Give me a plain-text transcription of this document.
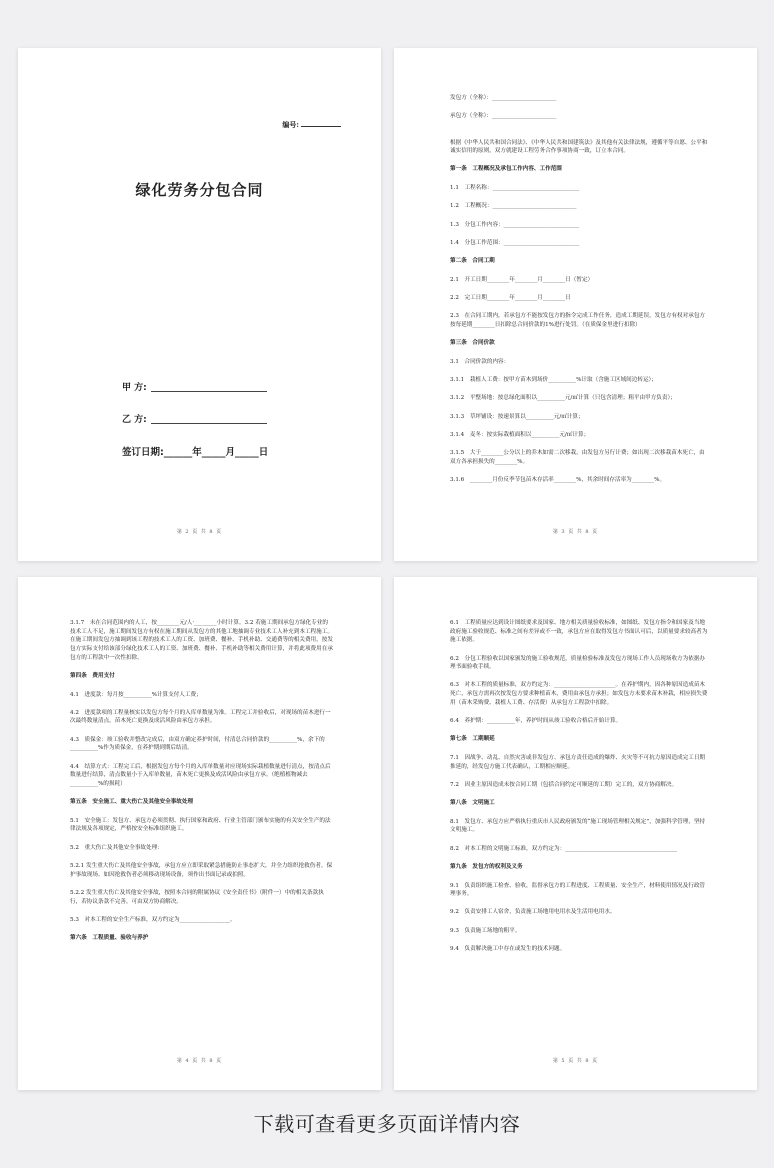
编号:
绿化劳务分包合同
甲 方:
乙 方:
签订日期:______年_____月_____日
第 2 页 共 8 页
发包方（全称）：_______________________
承包方（全称）：_______________________
根据《中华人民共和国合同法》、《中华人民共和国建筑法》及其他有关法律法规，遵循平等自愿、公平和诚实信用的原则，双方就建设工程劳务合作事项协商一致，订立本合同。
第一条　工程概况及承包工作内容、工作范围
1.1　工程名称：_______________________________
1.2　工程概况：______________________________
1.3　分包工作内容：___________________________
1.4　分包工作范围：___________________________
第二条　合同工期
2.1　开工日期________年________月________日（暂定）
2.2　完工日期________年________月________日
2.3　在合同工期内，若承包方不能按发包方的指令完成工作任务，造成工期延误，发包方有权对承包方按每延期________日扣除总合同价款的1%进行处罚。（在质保金里进行扣除）
第三条　合同价款
3.1　合同价款的内容：
3.1.1　栽植人工费：按甲方苗木到场价__________%计取（含施工区域间边转运）；
3.1.2　平整场地：按总绿化面积以__________元/㎡计算（只包含清理；粗平由甲方负责）；
3.1.3　草坪铺设：按速景算以__________元/㎡计算；
3.1.4　麦冬：按实际栽植面积以__________元/㎡计算；
3.1.5　大于________公分以上的乔木如需二次移栽，由发包方另行计费；如出现二次移栽苗木死亡，由双方各承担损失的________%。
3.1.6　________月份反季节包苗木存活率________%，其余时间存活率为________%。
第 3 页 共 8 页
3.1.7　未在合同范围内的人工，按________元/人·________小时计算。3.2 若施工期间承包方绿化专业的技术工人不足，施工期间发包方有权在施工期间从发包方的其他工地抽调专业技术工人补充到本工程施工。在施工期间发包方抽调到该工程的技术工人的工资、加班费、餐补、手机补助、交通费等的相关费用，按发包方实际支付给该部分绿化技术工人的工资、加班费、餐补、手机补助等相关费用计算，并将此项费用在承包方的工程款中一次性扣除。
第四条　费用支付
4.1　进度款：每月按__________%计算支付人工费；
4.2　进度款项的工程量核实以发包方每个月的入库单数量为准。工程完工并验收后，对现场的苗木进行一次最终数量清点，苗木死亡更换及成活风险由承包方承担。
4.3　质保金：竣工验收并整改完成后，由双方确定养护时间，付清总合同价款的__________%，余下的__________%作为质保金，在养护期到期后结清。
4.4　结算方式：工程完工后，根据发包方每个月的入库单数量对应现场实际栽植数量进行清点，按清点后数量进行结算，清点数量小于入库单数量，苗木死亡更换及成活风险由承包方承。（绝植植物减去__________%的损耗）
第五条　安全施工、重大伤亡及其他安全事故处理
5.1　安全施工：发包方、承包方必须贯彻、执行国家和政府、行业主管部门颁布实施的有关安全生产的法律法规及各项规定，严格按安全标准组织施工。
5.2　重大伤亡及其他安全事故处理：
5.2.1 发生重大伤亡及其他安全事故，承包方应立即采取紧急措施防止事态扩大，并全力组织抢救伤者，保护事故现场。如因抢救伤者必须移动现场设备，须作出书面记录或拍照。
5.2.2 发生重大伤亡及其他安全事故，按照本合同的附属协议《安全责任书》（附件一）中的相关条款执行，若协议条款不完善，可由双方协商解决。
5.3　对本工程的安全生产标准，双方约定为__________________。
第六条　工程质量、验收与养护
第 4 页 共 8 页
6.1　工程质量应达到设计图纸要求及国家、地方相关质量验收标准，如图纸、发包方指令和国家及当地政府施工验收规范、标准之间有差异或不一致，承包方应在取得发包方书面认可后，以质量要求较高者为施工依据。
6.2　分包工程验收以国家颁发的施工验收规范，质量检验标准及发包方现场工作人员现场收方为依据办理书面验收手续。
6.3　对本工程的质量标准，双方约定为：______________________。在养护期内，因各种原因造成苗木死亡，承包方需再次按发包方要求种植苗木，费用由承包方承担；如发包方未要求苗木补栽，相应损失费用（苗木采购费、栽植人工费、存活费）从承包方工程款中扣除。
6.4　养护期：__________年，养护时间从竣工验收合格后开始计算。
第七条　工期顺延
7.1　因战争、动乱、自然灾害或非发包方、承包方责任造成的爆炸、火灾等不可抗力原因造成完工日期推延的，经发包方施工代表确认，工期相应顺延。
7.2　因业主原因造成未按合同工期（包括合同约定可顺延的工期）完工的，双方协商解决。
第八条　文明施工
8.1　发包方、承包方应严格执行重庆市人民政府颁发的“施工现场管理相关规定”，加强科学管理，坚持文明施工。
8.2　对本工程的文明施工标准，双方约定为：________________________________________
第九条　发包方的权利及义务
9.1　负责组织施工检查、验收，监督承包方的工程进度、工程质量、安全生产，材料使用情况及行政管理事务。
9.2　负责安排工人宿舍，负责施工场地用电用水及生活用电用水。
9.3　负责施工场地的粗平。
9.4　负责解决施工中存在或发生的技术问题。
第 5 页 共 8 页
下载可查看更多页面详情内容
